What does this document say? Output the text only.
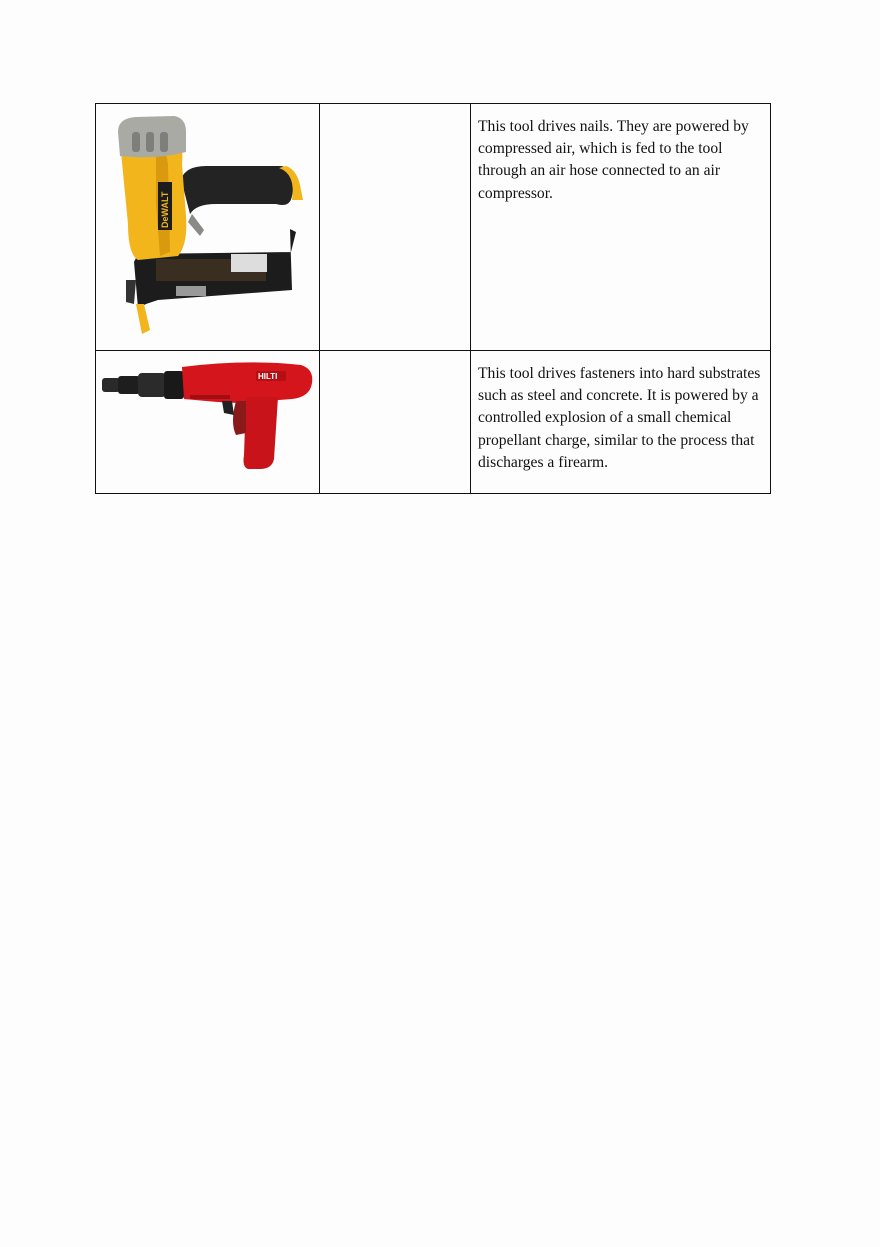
DeWALT		This tool drives nails. They are powered by compressed air, which is fed to the tool through an air hose connected to an air compressor.

HILTI		This tool drives fasteners into hard substrates such as steel and concrete. It is powered by a controlled explosion of a small chemical propellant charge, similar to the process that discharges a firearm.
